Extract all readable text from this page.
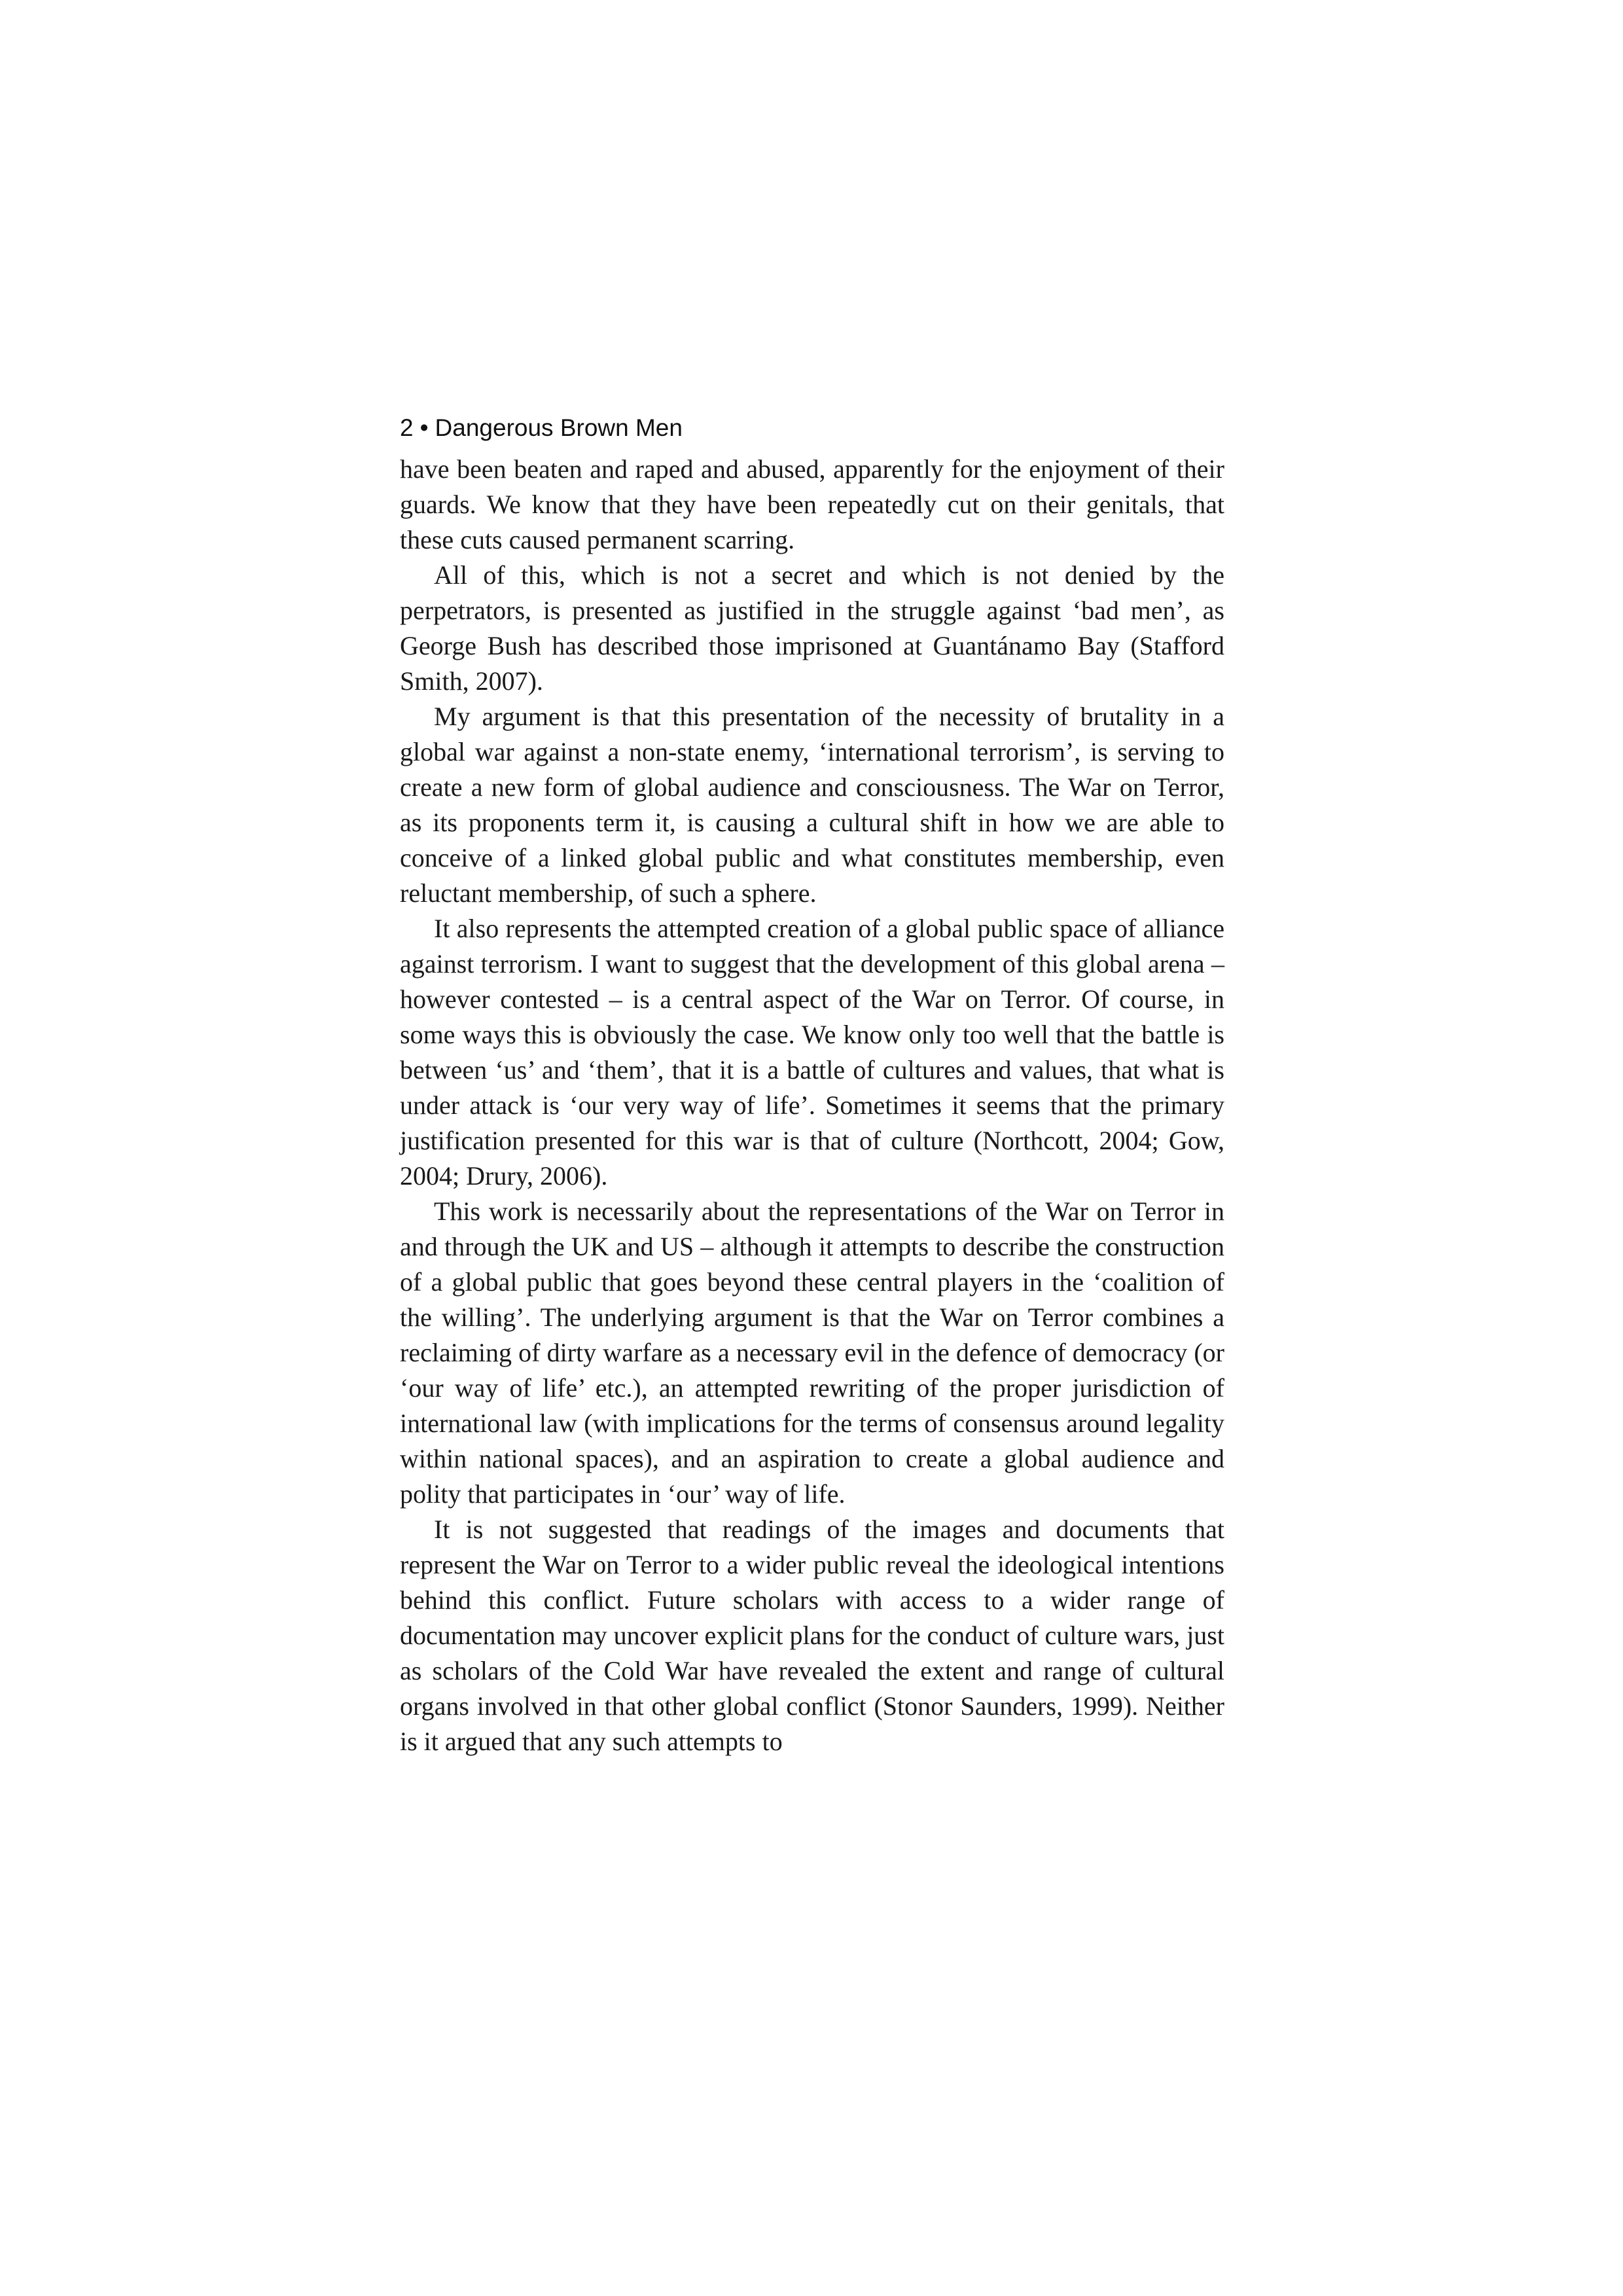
2 • Dangerous Brown Men

have been beaten and raped and abused, apparently for the enjoyment of their guards. We know that they have been repeatedly cut on their genitals, that these cuts caused permanent scarring.

All of this, which is not a secret and which is not denied by the perpetrators, is presented as justified in the struggle against ‘bad men’, as George Bush has described those imprisoned at Guantánamo Bay (Stafford Smith, 2007).

My argument is that this presentation of the necessity of brutality in a global war against a non-state enemy, ‘international terrorism’, is serving to create a new form of global audience and consciousness. The War on Terror, as its proponents term it, is causing a cultural shift in how we are able to conceive of a linked global public and what constitutes membership, even reluctant membership, of such a sphere.

It also represents the attempted creation of a global public space of alliance against terrorism. I want to suggest that the development of this global arena – however contested – is a central aspect of the War on Terror. Of course, in some ways this is obviously the case. We know only too well that the battle is between ‘us’ and ‘them’, that it is a battle of cultures and values, that what is under attack is ‘our very way of life’. Sometimes it seems that the primary justification presented for this war is that of culture (Northcott, 2004; Gow, 2004; Drury, 2006).

This work is necessarily about the representations of the War on Terror in and through the UK and US – although it attempts to describe the construction of a global public that goes beyond these central players in the ‘coalition of the willing’. The underlying argument is that the War on Terror combines a reclaiming of dirty warfare as a necessary evil in the defence of democracy (or ‘our way of life’ etc.), an attempted rewriting of the proper jurisdiction of international law (with implications for the terms of consensus around legality within national spaces), and an aspiration to create a global audience and polity that participates in ‘our’ way of life.

It is not suggested that readings of the images and documents that represent the War on Terror to a wider public reveal the ideological intentions behind this conflict. Future scholars with access to a wider range of documentation may uncover explicit plans for the conduct of culture wars, just as scholars of the Cold War have revealed the extent and range of cultural organs involved in that other global conflict (Stonor Saunders, 1999). Neither is it argued that any such attempts to
